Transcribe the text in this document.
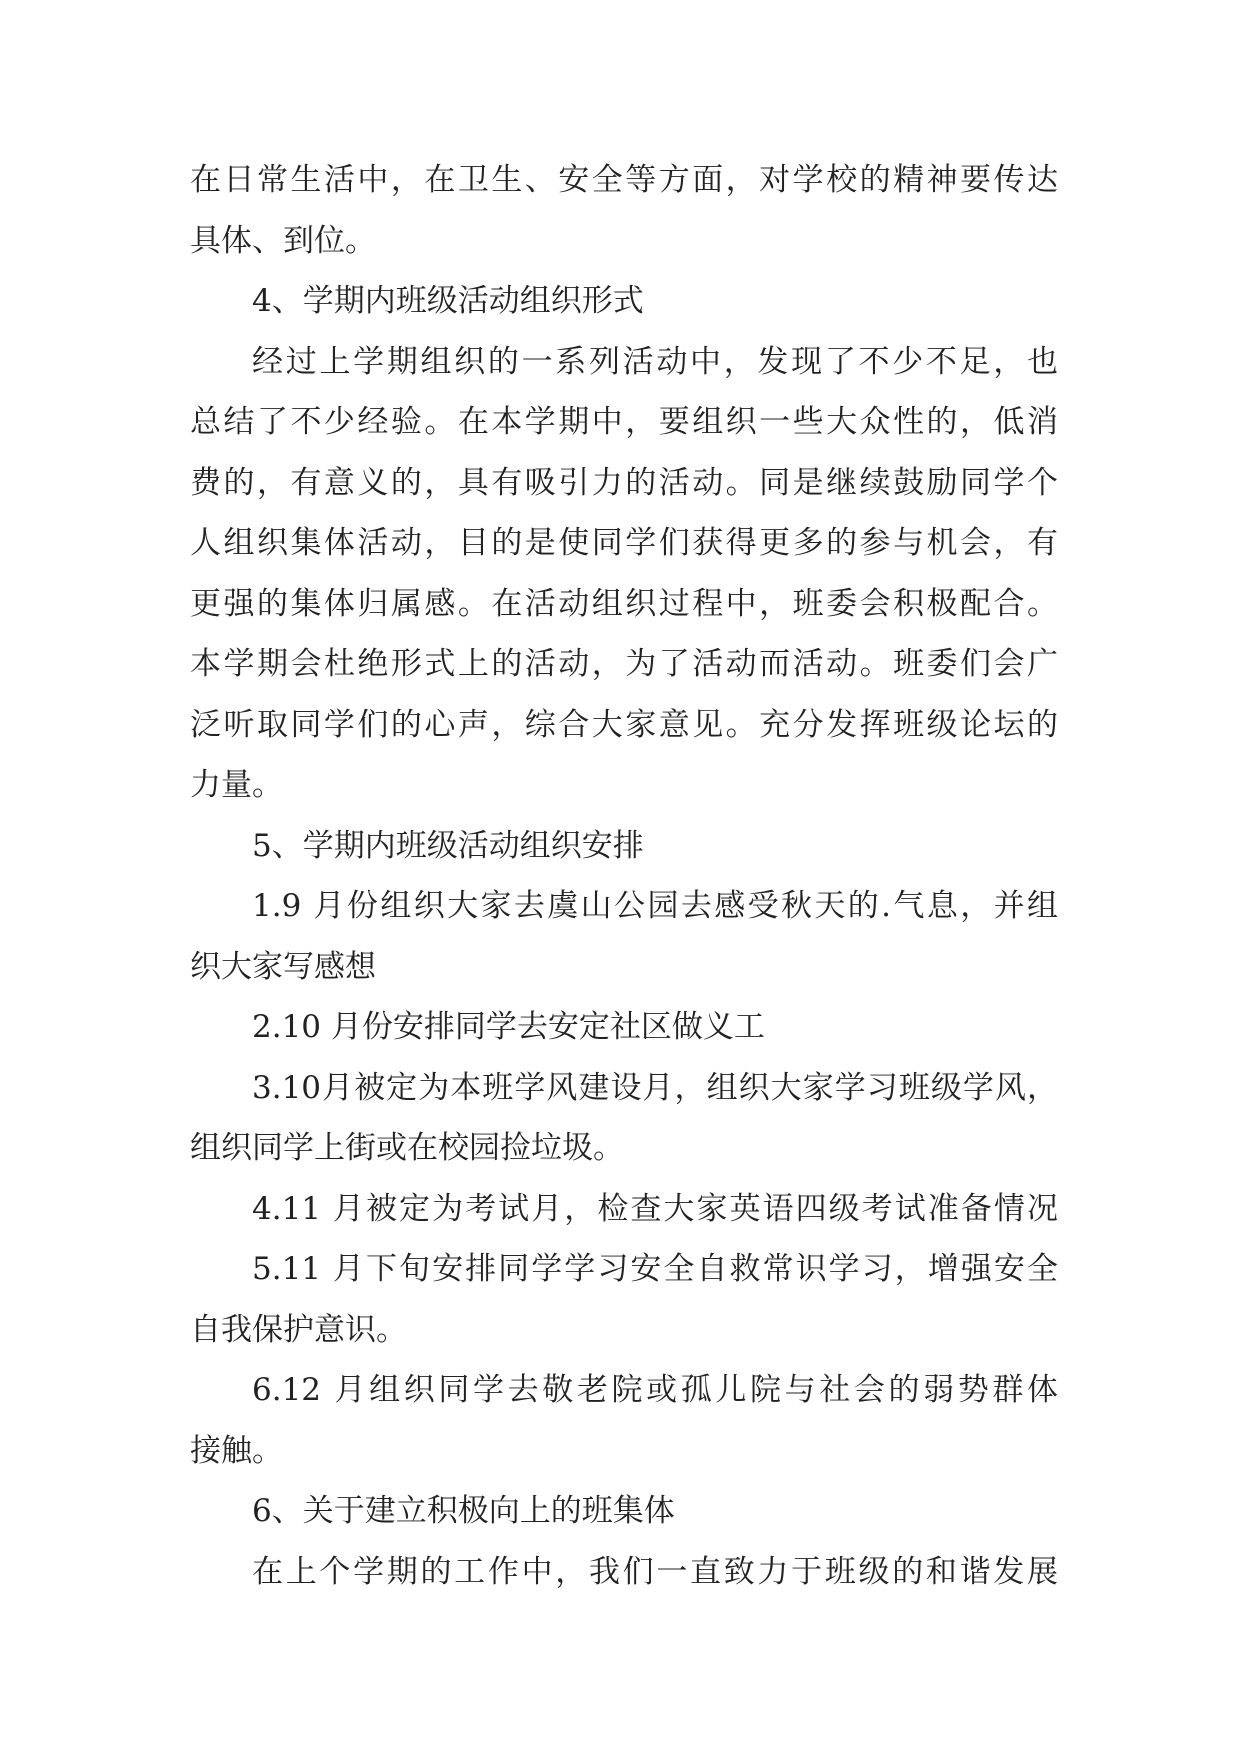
在日常生活中，在卫生、安全等方面，对学校的精神要传达
具体、到位。
4、学期内班级活动组织形式
经过上学期组织的一系列活动中，发现了不少不足，也
总结了不少经验。在本学期中，要组织一些大众性的，低消
费的，有意义的，具有吸引力的活动。同是继续鼓励同学个
人组织集体活动，目的是使同学们获得更多的参与机会，有
更强的集体归属感。在活动组织过程中，班委会积极配合。
本学期会杜绝形式上的活动，为了活动而活动。班委们会广
泛听取同学们的心声，综合大家意见。充分发挥班级论坛的
力量。
5、学期内班级活动组织安排
1.9 月份组织大家去虞山公园去感受秋天的.气息，并组
织大家写感想
2.10 月份安排同学去安定社区做义工
3.10月被定为本班学风建设月，组织大家学习班级学风，
组织同学上街或在校园捡垃圾。
4.11 月被定为考试月，检查大家英语四级考试准备情况
5.11 月下旬安排同学学习安全自救常识学习，增强安全
自我保护意识。
6.12 月组织同学去敬老院或孤儿院与社会的弱势群体
接触。
6、关于建立积极向上的班集体
在上个学期的工作中，我们一直致力于班级的和谐发展
